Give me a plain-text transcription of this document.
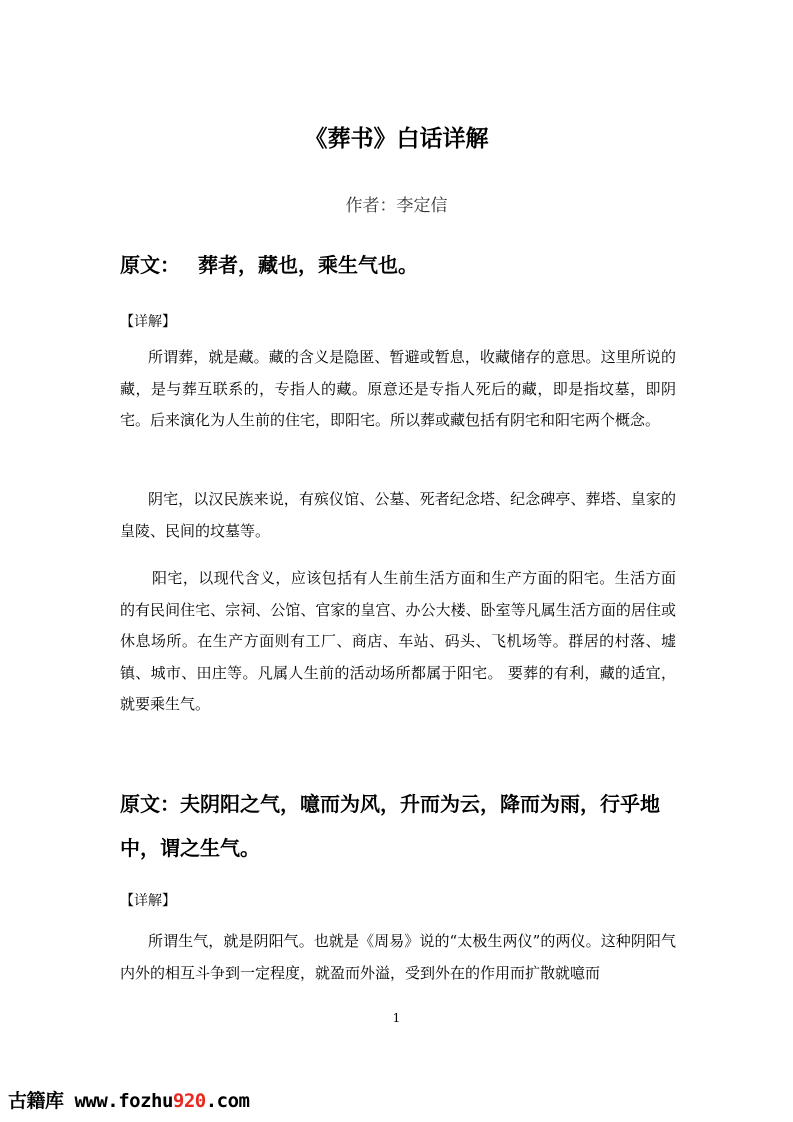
《葬书》白话详解
作者：李定信
原文： 葬者，藏也，乘生气也。
【详解】
所谓葬，就是藏。藏的含义是隐匿、暂避或暂息，收藏储存的意思。这里所说的藏，是与葬互联系的，专指人的藏。原意还是专指人死后的藏，即是指坟墓，即阴宅。后来演化为人生前的住宅，即阳宅。所以葬或藏包括有阴宅和阳宅两个概念。
阴宅，以汉民族来说，有殡仪馆、公墓、死者纪念塔、纪念碑亭、葬塔、皇家的皇陵、民间的坟墓等。
阳宅，以现代含义，应该包括有人生前生活方面和生产方面的阳宅。生活方面的有民间住宅、宗祠、公馆、官家的皇宫、办公大楼、卧室等凡属生活方面的居住或休息场所。在生产方面则有工厂、商店、车站、码头、飞机场等。群居的村落、墟镇、城市、田庄等。凡属人生前的活动场所都属于阳宅。 要葬的有利，藏的适宜，就要乘生气。
原文：夫阴阳之气，噫而为风，升而为云，降而为雨，行乎地中，谓之生气。
【详解】
所谓生气，就是阴阳气。也就是《周易》说的“太极生两仪”的两仪。这种阴阳气内外的相互斗争到一定程度，就盈而外溢，受到外在的作用而扩散就噫而
1
古籍库 www.fozhu920.com
